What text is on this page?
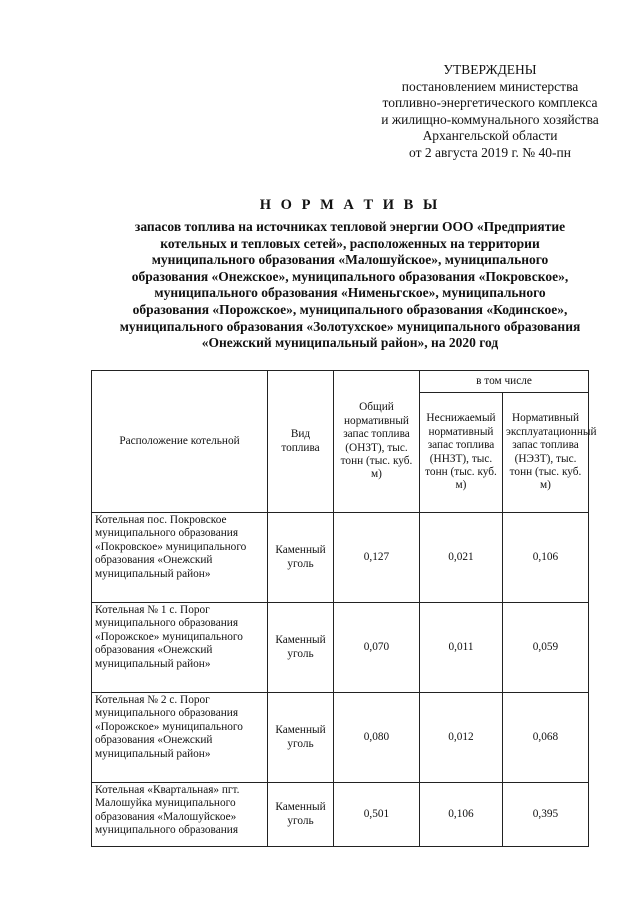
УТВЕРЖДЕНЫ
постановлением министерства
топливно-энергетического комплекса
и жилищно-коммунального хозяйства
Архангельской области
от 2 августа 2019 г. № 40-пн
Н О Р М А Т И В Ы
запасов топлива на источниках тепловой энергии ООО «Предприятие
котельных и тепловых сетей», расположенных на территории
муниципального образования «Малошуйское», муниципального
образования «Онежское», муниципального образования «Покровское»,
муниципального образования «Нименьгское», муниципального
образования «Порожское», муниципального образования «Кодинское»,
муниципального образования «Золотухское» муниципального образования
«Онежский муниципальный район», на 2020 год
Расположение котельной	Вид топлива	Общий нормативный запас топлива (ОНЗТ), тыс. тонн (тыс. куб. м)	в том числе	
			Неснижаемый нормативный запас топлива (ННЗТ), тыс. тонн (тыс. куб. м)	Нормативный эксплуатационный запас топлива (НЭЗТ), тыс. тонн (тыс. куб. м)
Котельная пос. Покровское муниципального образования «Покровское» муниципального образования «Онежский муниципальный район»	Каменный уголь	0,127	0,021	0,106
Котельная № 1 с. Порог муниципального образования «Порожское» муниципального образования «Онежский муниципальный район»	Каменный уголь	0,070	0,011	0,059
Котельная № 2 с. Порог муниципального образования «Порожское» муниципального образования «Онежский муниципальный район»	Каменный уголь	0,080	0,012	0,068
Котельная «Квартальная» пгт. Малошуйка муниципального образования «Малошуйское» муниципального образования	Каменный уголь	0,501	0,106	0,395
